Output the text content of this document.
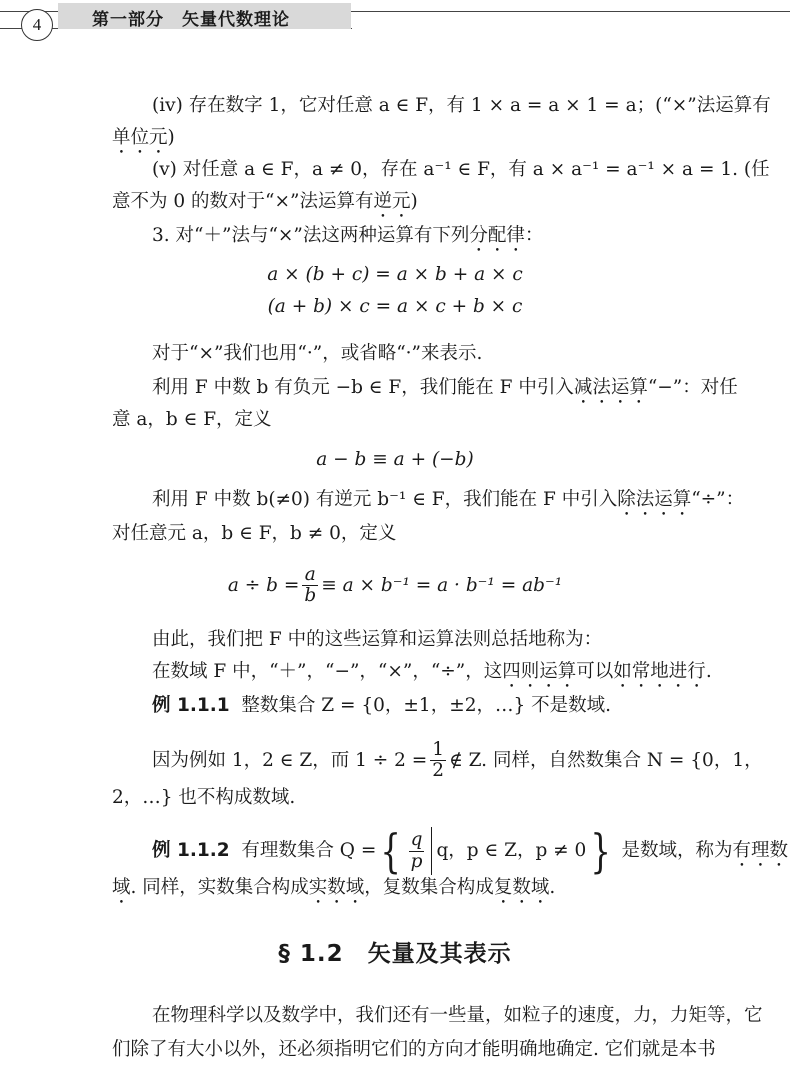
4	第一部分　矢量代数理论
(iv) 存在数字 1，它对任意 a ∈ F，有 1 × a = a × 1 = a；(“×”法运算有
单位元)
(v) 对任意 a ∈ F，a ≠ 0，存在 a⁻¹ ∈ F，有 a × a⁻¹ = a⁻¹ × a = 1. (任
意不为 0 的数对于“×”法运算有逆元)
3. 对“＋”法与“×”法这两种运算有下列分配律：
a × (b + c) = a × b + a × c
(a + b) × c = a × c + b × c
对于“×”我们也用“·”，或省略“·”来表示.
利用 F 中数 b 有负元 −b ∈ F，我们能在 F 中引入减法运算“−”：对任
意 a，b ∈ F，定义
a − b ≡ a + (−b)
利用 F 中数 b(≠0) 有逆元 b⁻¹ ∈ F，我们能在 F 中引入除法运算“÷”：
对任意元 a，b ∈ F，b ≠ 0，定义
$a \div b = \frac{a}{b} \equiv a \times b^{-1} = a \cdot b^{-1} = ab^{-1}$
由此，我们把 F 中的这些运算和运算法则总括地称为：
在数域 F 中，“＋”，“−”，“×”，“÷”，这四则运算可以如常地进行.
例 1.1.1 整数集合 Z = {0，±1，±2，…} 不是数域.
因为例如 1，2 ∈ Z，而 $1 \div 2 = \frac{1}{2}$ ∉ Z. 同样，自然数集合 N = {0，1，
2，…} 也不构成数域.
例 1.1.2 有理数集合 Q ={ $\frac{q}{p}$ q，p ∈ Z，p ≠ 0} 是数域，称为有理数
域. 同样，实数集合构成实数域，复数集合构成复数域.
§ 1.2　矢量及其表示
在物理科学以及数学中，我们还有一些量，如粒子的速度，力，力矩等，它
们除了有大小以外，还必须指明它们的方向才能明确地确定. 它们就是本书
